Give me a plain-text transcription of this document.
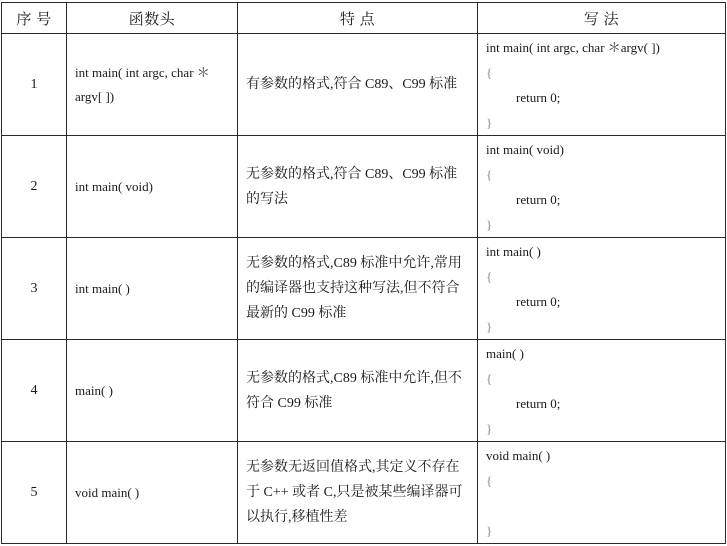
序 号	函数头	特 点	写 法
1	int main( int argc, char ＊argv[ ])	有参数的格式,符合 C89、C99 标准	int main( int argc, char ＊argv( ])
{
return 0;
}

2	int main( void)	无参数的格式,符合 C89、C99 标准的写法	int main( void)
{
return 0;
}

3	int main( )	无参数的格式,C89 标准中允许,常用的编译器也支持这种写法,但不符合最新的 C99 标准	int main( )
{
return 0;
}

4	main( )	无参数的格式,C89 标准中允许,但不符合 C99 标准	main( )
{
return 0;
}

5	void main( )	无参数无返回值格式,其定义不存在于 C++ 或者 C,只是被某些编译器可以执行,移植性差	void main( )
{
}
